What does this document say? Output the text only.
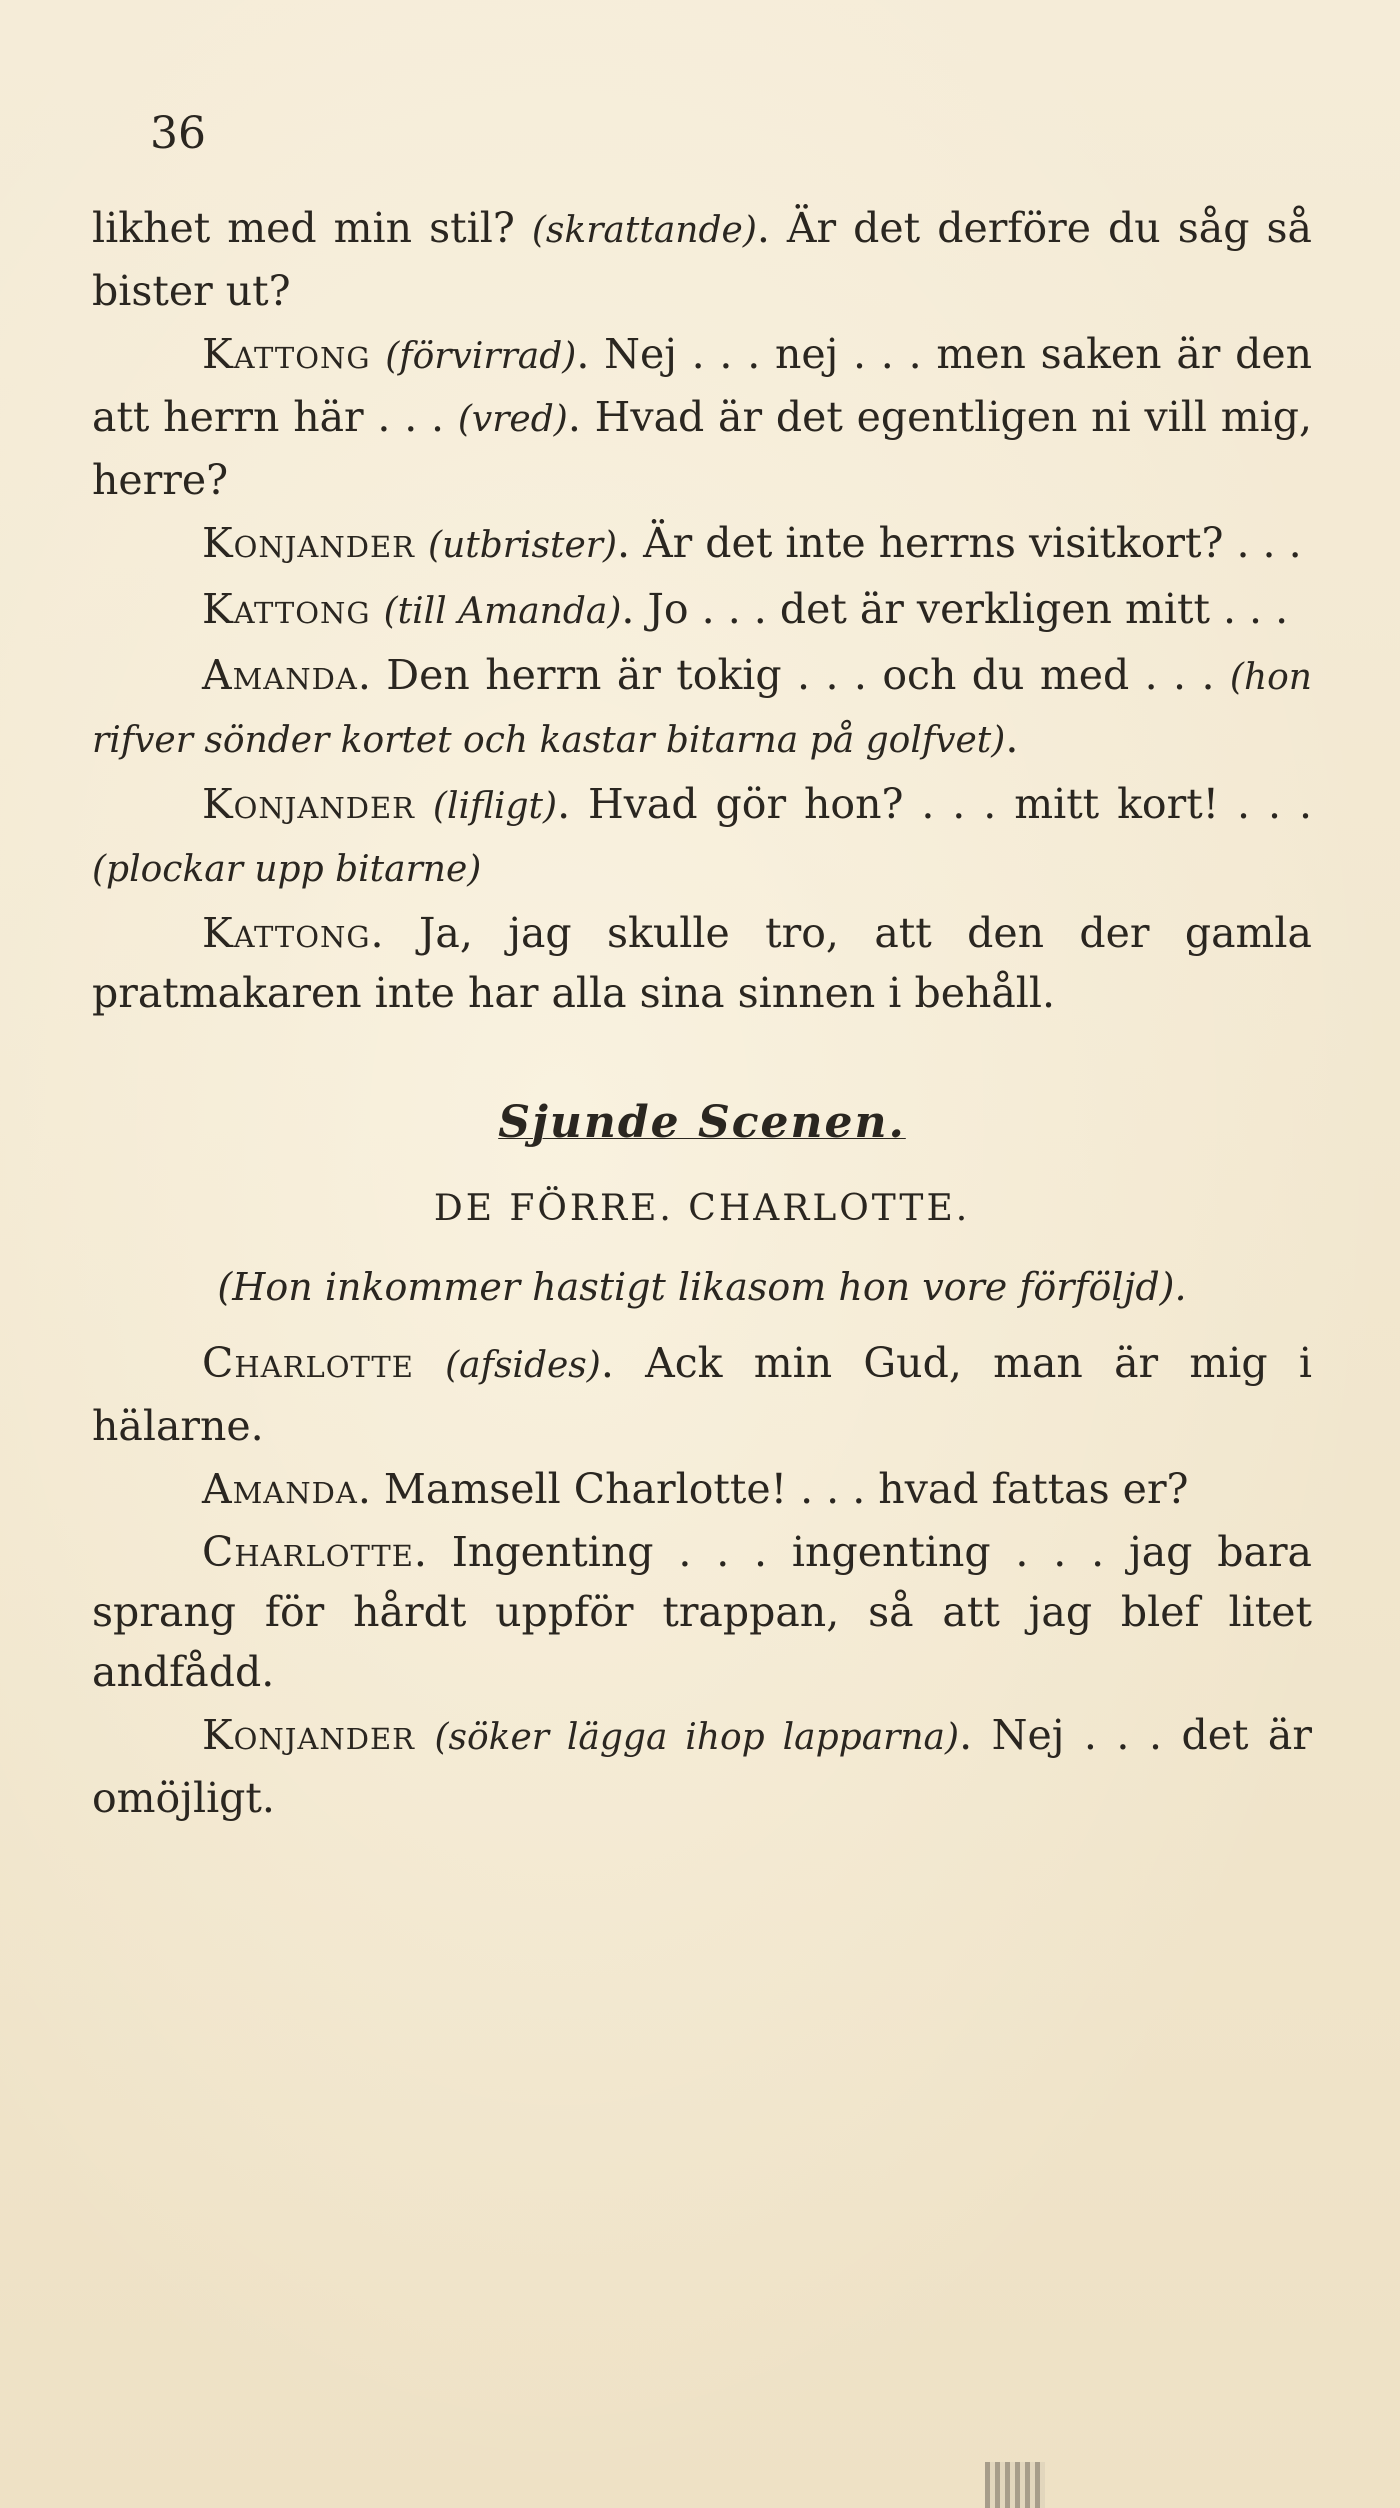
36

likhet med min stil? (skrattande). Är det derföre du såg så bister ut?

Kattong (förvirrad). Nej . . . nej . . . men saken är den att herrn här . . . (vred). Hvad är det egentligen ni vill mig, herre?

Konjander (utbrister). Är det inte herrns visitkort? . . .

Kattong (till Amanda). Jo . . . det är verkligen mitt . . .

Amanda. Den herrn är tokig . . . och du med . . . (hon rifver sönder kortet och kastar bitarna på golfvet).

Konjander (lifligt). Hvad gör hon? . . . mitt kort! . . . (plockar upp bitarne)

Kattong. Ja, jag skulle tro, att den der gamla pratmakaren inte har alla sina sinnen i behåll.

Sjunde Scenen.
DE FÖRRE. CHARLOTTE.
(Hon inkommer hastigt likasom hon vore förföljd).

Charlotte (afsides). Ack min Gud, man är mig i hälarne.

Amanda. Mamsell Charlotte! . . . hvad fattas er?

Charlotte. Ingenting . . . ingenting . . . jag bara sprang för hårdt uppför trappan, så att jag blef litet andfådd.

Konjander (söker lägga ihop lapparna). Nej . . . det är omöjligt.
